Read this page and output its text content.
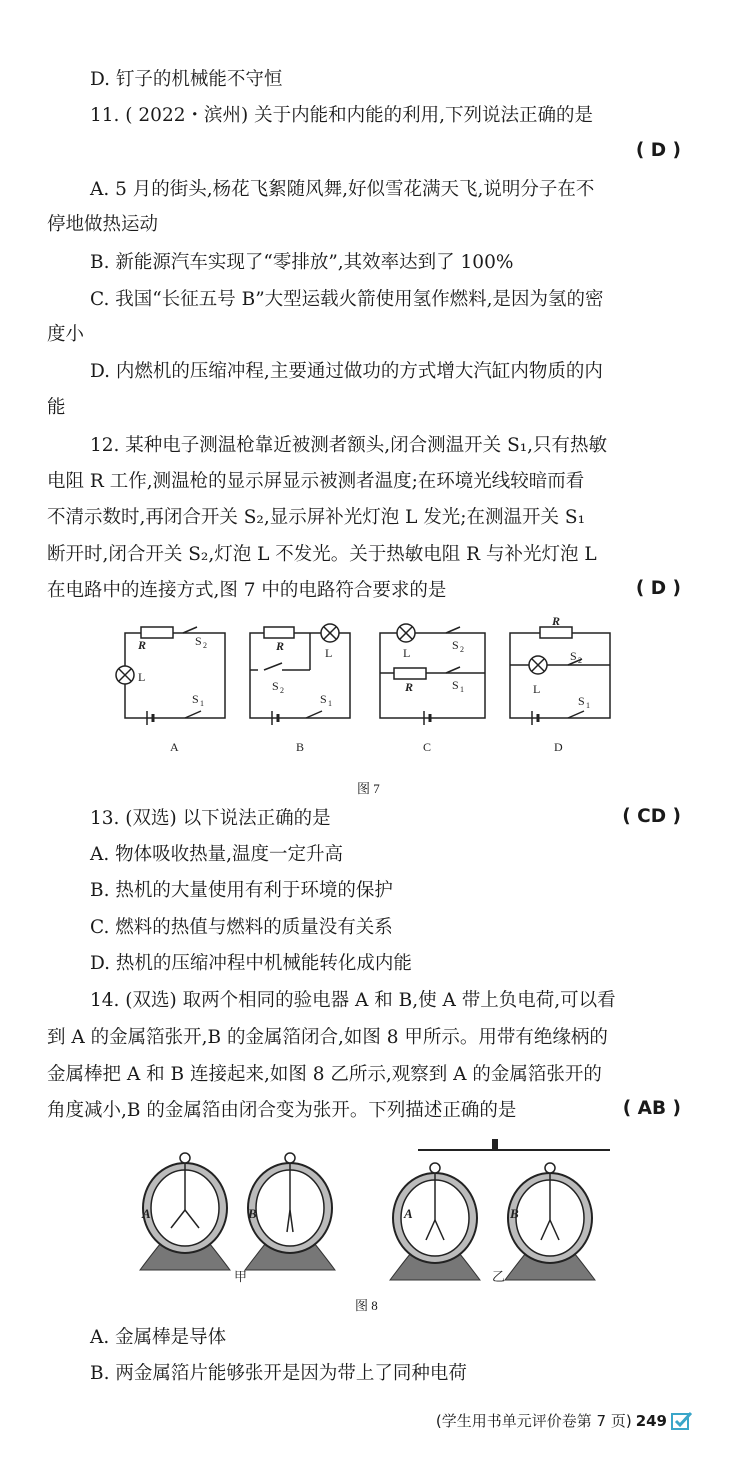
D. 钉子的机械能不守恒
11. ( 2022・滨州) 关于内能和内能的利用,下列说法正确的是
( D )
A. 5 月的街头,杨花飞絮随风舞,好似雪花满天飞,说明分子在不
停地做热运动
B. 新能源汽车实现了“零排放”,其效率达到了 100%
C. 我国“长征五号 B”大型运载火箭使用氢作燃料,是因为氢的密
度小
D. 内燃机的压缩冲程,主要通过做功的方式增大汽缸内物质的内
能
12. 某种电子测温枪靠近被测者额头,闭合测温开关 S₁,只有热敏
电阻 R 工作,测温枪的显示屏显示被测者温度;在环境光线较暗而看
不清示数时,再闭合开关 S₂,显示屏补光灯泡 L 发光;在测温开关 S₁
断开时,闭合开关 S₂,灯泡 L 不发光。关于热敏电阻 R 与补光灯泡 L
在电路中的连接方式,图 7 中的电路符合要求的是	( D )
R	S 2
L
S 1
A
R	L
S 2
S 1
B
L
S 2
R	S 1
C
R
S 2
L
S 1
D
图 7
13. (双选) 以下说法正确的是	( CD )
A. 物体吸收热量,温度一定升高
B. 热机的大量使用有利于环境的保护
C. 燃料的热值与燃料的质量没有关系
D. 热机的压缩冲程中机械能转化成内能
14. (双选) 取两个相同的验电器 A 和 B,使 A 带上负电荷,可以看
到 A 的金属箔张开,B 的金属箔闭合,如图 8 甲所示。用带有绝缘柄的
金属棒把 A 和 B 连接起来,如图 8 乙所示,观察到 A 的金属箔张开的
角度减小,B 的金属箔由闭合变为张开。下列描述正确的是	( AB )
A	B	A	B
甲	乙
图 8
A. 金属棒是导体
B. 两金属箔片能够张开是因为带上了同种电荷
(学生用书单元评价卷第 7 页) 249
